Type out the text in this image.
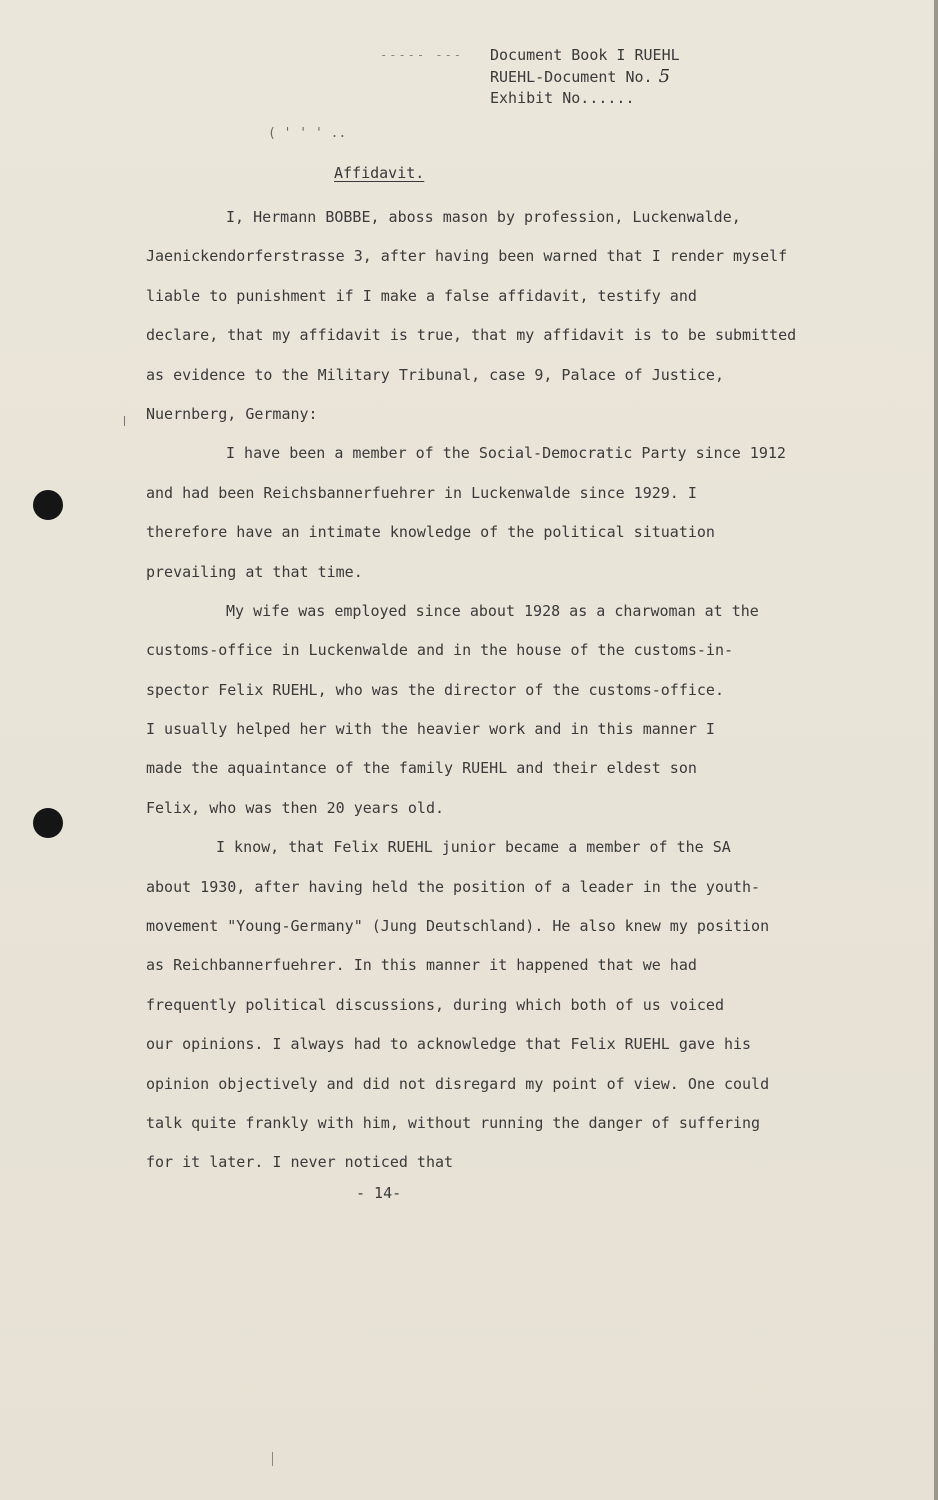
----- ---
( ' ' ' ..
Document Book I RUEHL
RUEHL-Document No. 5
Exhibit No......
Affidavit.
I, Hermann BOBBE, aboss mason by profession, Luckenwalde,
Jaenickendorferstrasse 3, after having been warned that I render myself
liable to punishment if I make a false affidavit, testify and
declare, that my affidavit is true, that my affidavit is to be submitted
as evidence to the Military Tribunal, case 9, Palace of Justice,
Nuernberg, Germany:
I have been a member of the Social-Democratic Party since 1912
and had been Reichsbannerfuehrer in Luckenwalde since 1929. I
therefore have an intimate knowledge of the political situation
prevailing at that time.
My wife was employed since about 1928 as a charwoman at the
customs-office in Luckenwalde and in the house of the customs-in-
spector Felix RUEHL, who was the director of the customs-office.
I usually helped her with the heavier work and in this manner I
made the aquaintance of the family RUEHL and their eldest son
Felix, who was then 20 years old.
I know, that Felix RUEHL junior became a member of the SA
about 1930, after having held the position of a leader in the youth-
movement "Young-Germany" (Jung Deutschland). He also knew my position
as Reichbannerfuehrer. In this manner it happened that we had
frequently political discussions, during which both of us voiced
our opinions. I always had to acknowledge that Felix RUEHL gave his
opinion objectively and did not disregard my point of view. One could
talk quite frankly with him, without running the danger of suffering
for it later. I never noticed that
- 14-
